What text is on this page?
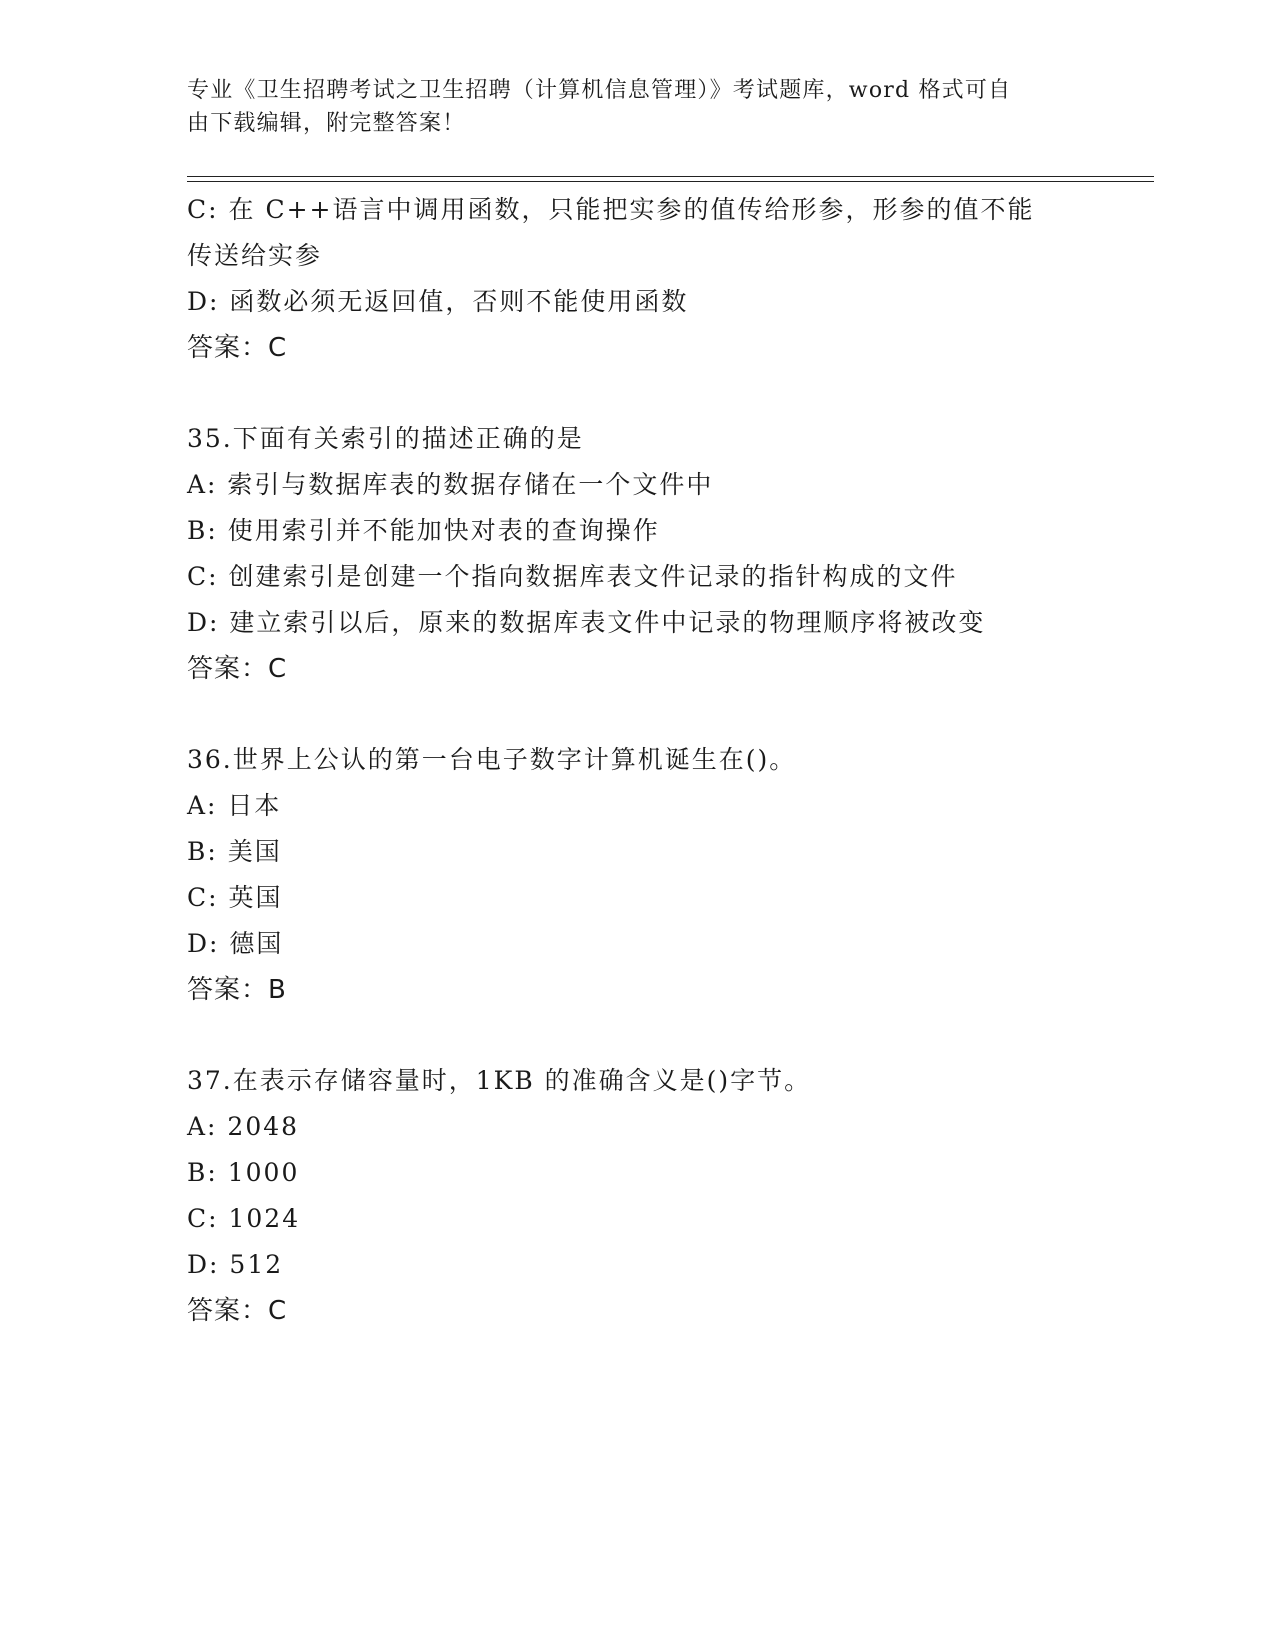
专业《卫生招聘考试之卫生招聘（计算机信息管理）》考试题库，word 格式可自
由下载编辑，附完整答案！
C: 在 C++语言中调用函数，只能把实参的值传给形参，形参的值不能
传送给实参
D: 函数必须无返回值，否则不能使用函数
答案：C
35.下面有关索引的描述正确的是
A: 索引与数据库表的数据存储在一个文件中
B: 使用索引并不能加快对表的查询操作
C: 创建索引是创建一个指向数据库表文件记录的指针构成的文件
D: 建立索引以后，原来的数据库表文件中记录的物理顺序将被改变
答案：C
36.世界上公认的第一台电子数字计算机诞生在()。
A: 日本
B: 美国
C: 英国
D: 德国
答案：B
37.在表示存储容量时，1KB 的准确含义是()字节。
A: 2048
B: 1000
C: 1024
D: 512
答案：C
